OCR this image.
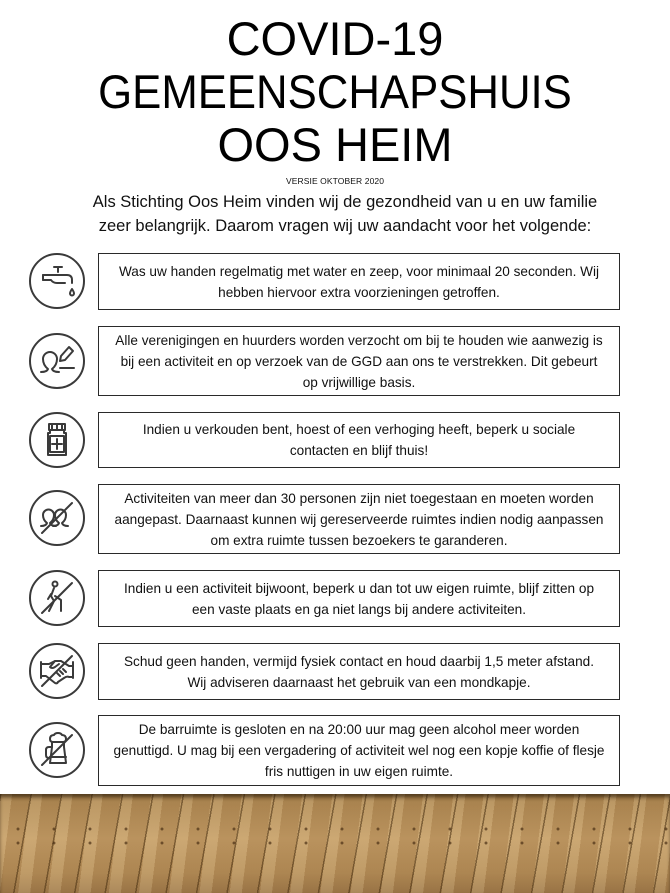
COVID-19
GEMEENSCHAPSHUIS
OOS HEIM
VERSIE OKTOBER 2020
Als Stichting Oos Heim vinden wij de gezondheid van u en uw familie
zeer belangrijk. Daarom vragen wij uw aandacht voor het volgende:
Was uw handen regelmatig met water en zeep, voor minimaal 20 seconden. Wij hebben hiervoor extra voorzieningen getroffen.
Alle verenigingen en huurders worden verzocht om bij te houden wie aanwezig is bij een activiteit en op verzoek van de GGD aan ons te verstrekken. Dit gebeurt op vrijwillige basis.
Indien u verkouden bent, hoest of een verhoging heeft, beperk u sociale contacten en blijf thuis!
Activiteiten van meer dan 30 personen zijn niet toegestaan en moeten worden aangepast. Daarnaast kunnen wij gereserveerde ruimtes indien nodig aanpassen om extra ruimte tussen bezoekers te garanderen.
Indien u een activiteit bijwoont, beperk u dan tot uw eigen ruimte, blijf zitten op een vaste plaats en ga niet langs bij andere activiteiten.
Schud geen handen, vermijd fysiek contact en houd daarbij 1,5 meter afstand. Wij adviseren daarnaast het gebruik van een mondkapje.
De barruimte is gesloten en na 20:00 uur mag geen alcohol meer worden genuttigd. U mag bij een vergadering of activiteit wel nog een kopje koffie of flesje fris nuttigen in uw eigen ruimte.
